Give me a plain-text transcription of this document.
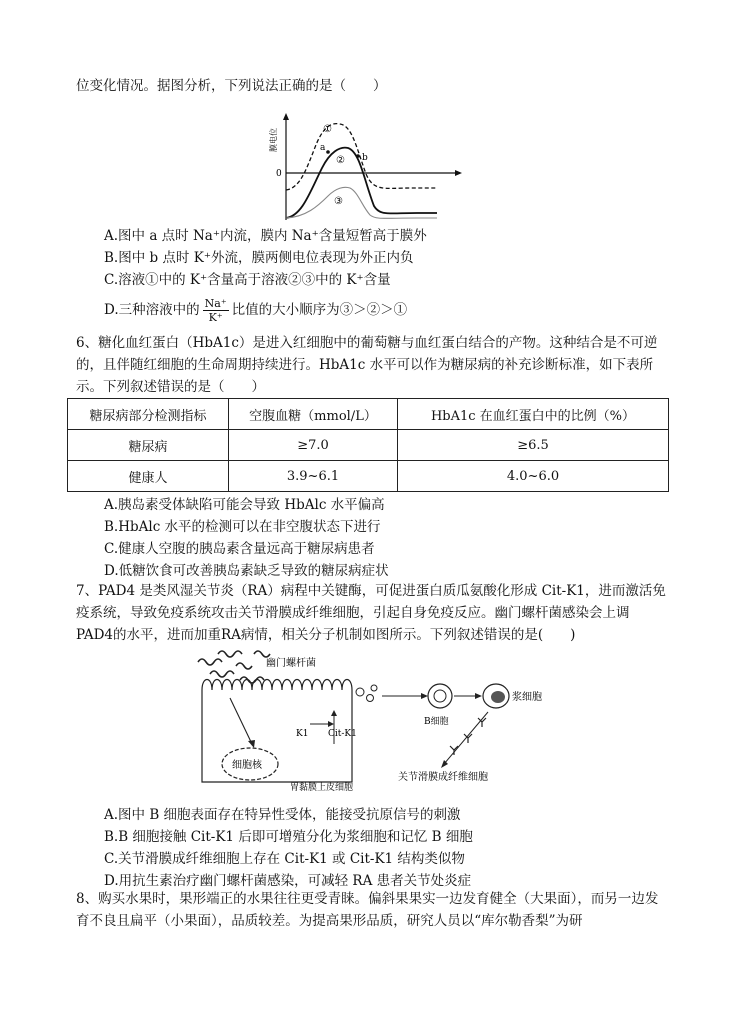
位变化情况。据图分析，下列说法正确的是（　　）
膜电位
0
①
②
③
a
b
A.图中 a 点时 Na⁺内流，膜内 Na⁺含量短暂高于膜外
B.图中 b 点时 K⁺外流，膜两侧电位表现为外正内负
C.溶液①中的 K⁺含量高于溶液②③中的 K⁺含量
D.三种溶液中的 $\frac{Na^+}{K^+}$ 比值的大小顺序为③＞②＞①
6、糖化血红蛋白（HbA1c）是进入红细胞中的葡萄糖与血红蛋白结合的产物。这种结合是不可逆的，且伴随红细胞的生命周期持续进行。HbA1c 水平可以作为糖尿病的补充诊断标准，如下表所示。下列叙述错误的是（　　）
糖尿病部分检测指标	空腹血糖（mmol/L）	HbA1c 在血红蛋白中的比例（%）
糖尿病	≥7.0	≥6.5
健康人	3.9~6.1	4.0~6.0
A.胰岛素受体缺陷可能会导致 HbAlc 水平偏高
B.HbAlc 水平的检测可以在非空腹状态下进行
C.健康人空腹的胰岛素含量远高于糖尿病患者
D.低糖饮食可改善胰岛素缺乏导致的糖尿病症状
7、PAD4 是类风湿关节炎（RA）病程中关键酶，可促进蛋白质瓜氨酸化形成 Cit-K1，进而激活免疫系统，导致免疫系统攻击关节滑膜成纤维细胞，引起自身免疫反应。幽门螺杆菌感染会上调PAD4的水平，进而加重RA病情，相关分子机制如图所示。下列叙述错误的是(　　)
幽门螺杆菌
细胞核
胃黏膜上皮细胞
K1 Cit-K1
B细胞
浆细胞
关节滑膜成纤维细胞
A.图中 B 细胞表面存在特异性受体，能接受抗原信号的刺激
B.B 细胞接触 Cit-K1 后即可增殖分化为浆细胞和记忆 B 细胞
C.关节滑膜成纤维细胞上存在 Cit-K1 或 Cit-K1 结构类似物
D.用抗生素治疗幽门螺杆菌感染，可减轻 RA 患者关节处炎症
8、购买水果时，果形端正的水果往往更受青睐。偏斜果果实一边发育健全（大果面），而另一边发育不良且扁平（小果面），品质较差。为提高果形品质，研究人员以“库尔勒香梨”为研
